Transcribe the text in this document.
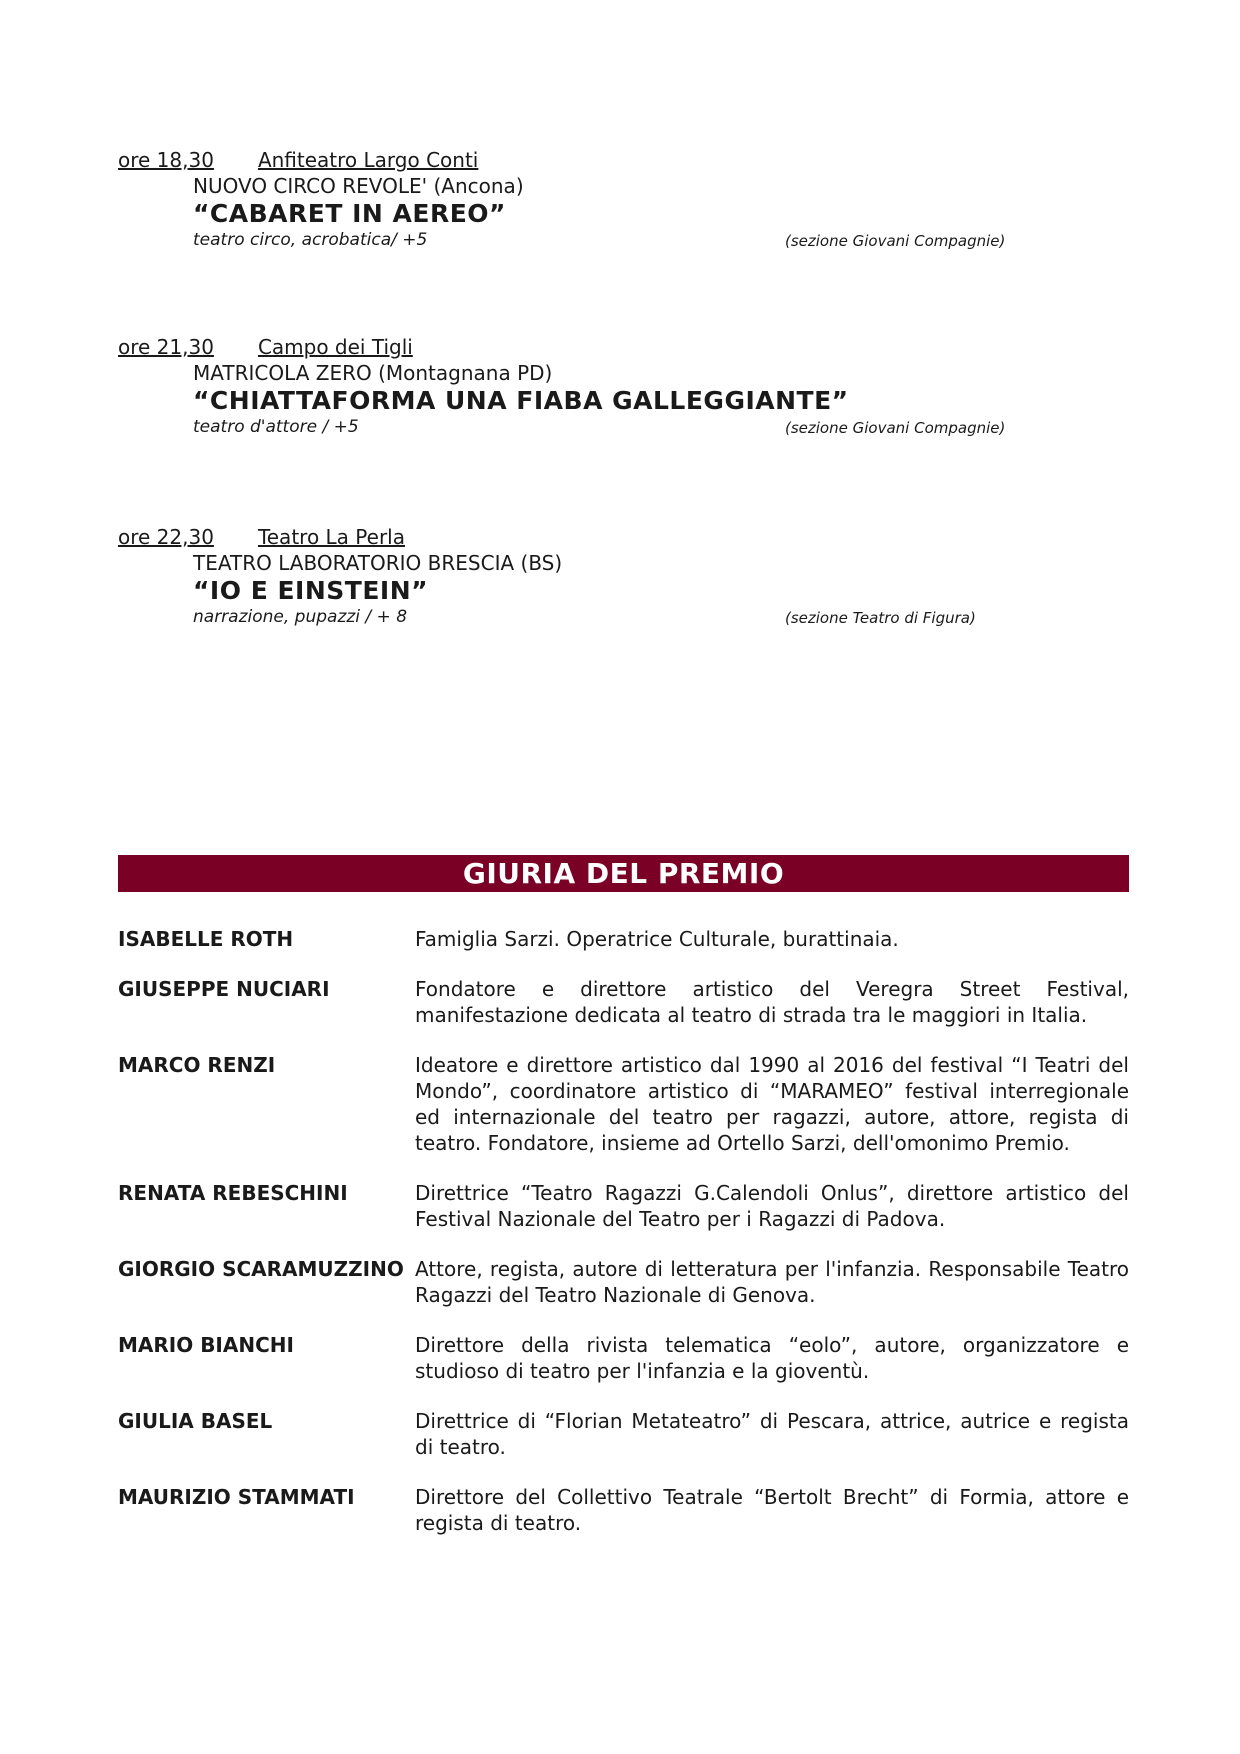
ore 18,30 Anfiteatro Largo Conti
NUOVO CIRCO REVOLE' (Ancona)
“CABARET IN AEREO”
teatro circo, acrobatica/ +5	(sezione Giovani Compagnie)
ore 21,30 Campo dei Tigli
MATRICOLA ZERO (Montagnana PD)
“CHIATTAFORMA UNA FIABA GALLEGGIANTE”
teatro d'attore / +5	(sezione Giovani Compagnie)
ore 22,30 Teatro La Perla
TEATRO LABORATORIO BRESCIA (BS)
“IO E EINSTEIN”
narrazione, pupazzi / + 8	(sezione Teatro di Figura)
GIURIA DEL PREMIO
ISABELLE ROTH	Famiglia Sarzi. Operatrice Culturale, burattinaia.
GIUSEPPE NUCIARI	Fondatore e direttore artistico del Veregra Street Festival, manifestazione dedicata al teatro di strada tra le maggiori in Italia.
MARCO RENZI	Ideatore e direttore artistico dal 1990 al 2016 del festival “I Teatri del Mondo”, coordinatore artistico di “MARAMEO” festival interregionale ed internazionale del teatro per ragazzi, autore, attore, regista di teatro. Fondatore, insieme ad Ortello Sarzi, dell'omonimo Premio.
RENATA REBESCHINI	Direttrice “Teatro Ragazzi G.Calendoli Onlus”, direttore artistico del Festival Nazionale del Teatro per i Ragazzi di Padova.
GIORGIO SCARAMUZZINO Attore, regista, autore di letteratura per l'infanzia. Responsabile Teatro Ragazzi del Teatro Nazionale di Genova.
MARIO BIANCHI	Direttore della rivista telematica “eolo”, autore, organizzatore e studioso di teatro per l'infanzia e la gioventù.
GIULIA BASEL	Direttrice di “Florian Metateatro” di Pescara, attrice, autrice e regista di teatro.
MAURIZIO STAMMATI	Direttore del Collettivo Teatrale “Bertolt Brecht” di Formia, attore e regista di teatro.
